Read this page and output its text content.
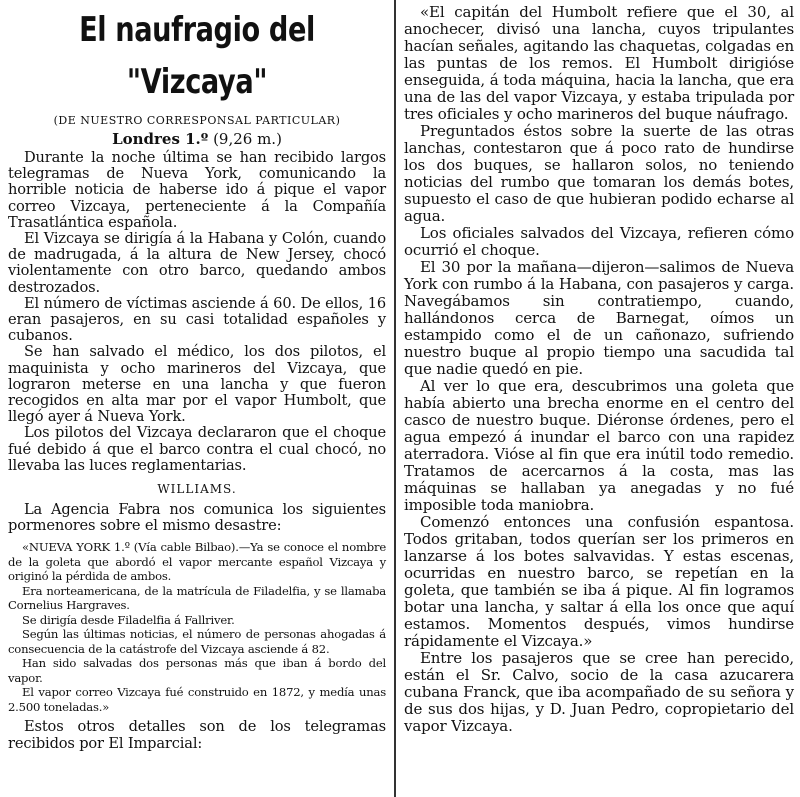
El naufragio del "Vizcaya"

(DE NUESTRO CORRESPONSAL PARTICULAR)

Londres 1.º (9,26 m.)

Durante la noche última se han recibido largos telegramas de Nueva York, comunicando la horrible noticia de haberse ido á pique el vapor correo Vizcaya, perteneciente á la Compañía Trasatlántica española.

El Vizcaya se dirigía á la Habana y Colón, cuando de madrugada, á la altura de New Jersey, chocó violentamente con otro barco, quedando ambos destrozados.

El número de víctimas asciende á 60. De ellos, 16 eran pasajeros, en su casi totalidad españoles y cubanos.

Se han salvado el médico, los dos pilotos, el maquinista y ocho marineros del Vizcaya, que lograron meterse en una lancha y que fueron recogidos en alta mar por el vapor Humbolt, que llegó ayer á Nueva York.

Los pilotos del Vizcaya declararon que el choque fué debido á que el barco contra el cual chocó, no llevaba las luces reglamentarias.

WILLIAMS.

La Agencia Fabra nos comunica los siguientes pormenores sobre el mismo desastre:

«NUEVA YORK 1.º (Vía cable Bilbao).—Ya se conoce el nombre de la goleta que abordó el vapor mercante español Vizcaya y originó la pérdida de ambos.

Era norteamericana, de la matrícula de Filadelfia, y se llamaba Cornelius Hargraves.

Se dirigía desde Filadelfia á Fallriver.

Según las últimas noticias, el número de personas ahogadas á consecuencia de la catástrofe del Vizcaya asciende á 82.

Han sido salvadas dos personas más que iban á bordo del vapor.

El vapor correo Vizcaya fué construido en 1872, y medía unas 2.500 toneladas.»

Estos otros detalles son de los telegramas recibidos por El Imparcial:

«El capitán del Humbolt refiere que el 30, al anochecer, divisó una lancha, cuyos tripulantes hacían señales, agitando las chaquetas, colgadas en las puntas de los remos. El Humbolt dirigióse enseguida, á toda máquina, hacia la lancha, que era una de las del vapor Vizcaya, y estaba tripulada por tres oficiales y ocho marineros del buque náufrago.

Preguntados éstos sobre la suerte de las otras lanchas, contestaron que á poco rato de hundirse los dos buques, se hallaron solos, no teniendo noticias del rumbo que tomaran los demás botes, supuesto el caso de que hubieran podido echarse al agua.

Los oficiales salvados del Vizcaya, refieren cómo ocurrió el choque.

El 30 por la mañana—dijeron—salimos de Nueva York con rumbo á la Habana, con pasajeros y carga. Navegábamos sin contratiempo, cuando, hallándonos cerca de Barnegat, oímos un estampido como el de un cañonazo, sufriendo nuestro buque al propio tiempo una sacudida tal que nadie quedó en pie.

Al ver lo que era, descubrimos una goleta que había abierto una brecha enorme en el centro del casco de nuestro buque. Diéronse órdenes, pero el agua empezó á inundar el barco con una rapidez aterradora. Vióse al fin que era inútil todo remedio. Tratamos de acercarnos á la costa, mas las máquinas se hallaban ya anegadas y no fué imposible toda maniobra.

Comenzó entonces una confusión espantosa. Todos gritaban, todos querían ser los primeros en lanzarse á los botes salvavidas. Y estas escenas, ocurridas en nuestro barco, se repetían en la goleta, que también se iba á pique. Al fin logramos botar una lancha, y saltar á ella los once que aquí estamos. Momentos después, vimos hundirse rápidamente el Vizcaya.»

Entre los pasajeros que se cree han perecido, están el Sr. Calvo, socio de la casa azucarera cubana Franck, que iba acompañado de su señora y de sus dos hijas, y D. Juan Pedro, copropietario del vapor Vizcaya.
